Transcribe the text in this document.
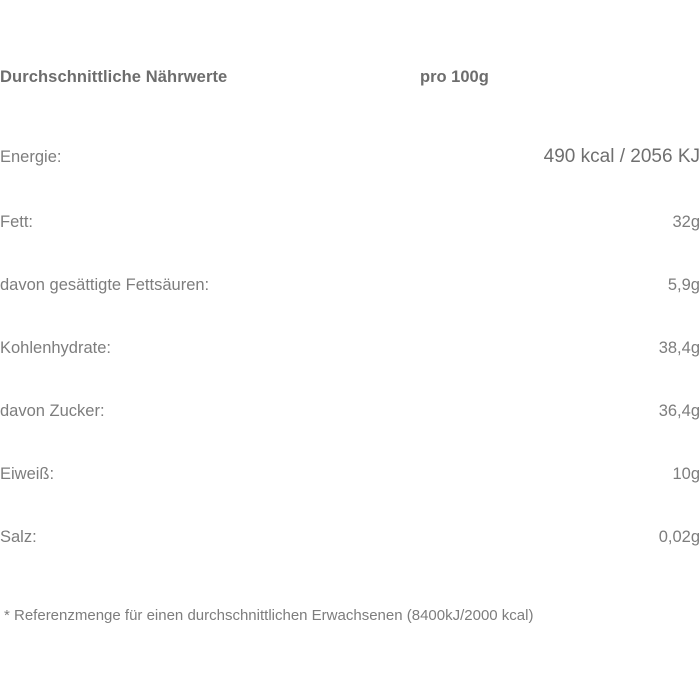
Durchschnittliche Nährwerte	pro 100g
Energie:	490 kcal / 2056 KJ
Fett:	32g
davon gesättigte Fettsäuren:	5,9g
Kohlenhydrate:	38,4g
davon Zucker:	36,4g
Eiweiß:	10g
Salz:	0,02g
* Referenzmenge für einen durchschnittlichen Erwachsenen (8400kJ/2000 kcal)
